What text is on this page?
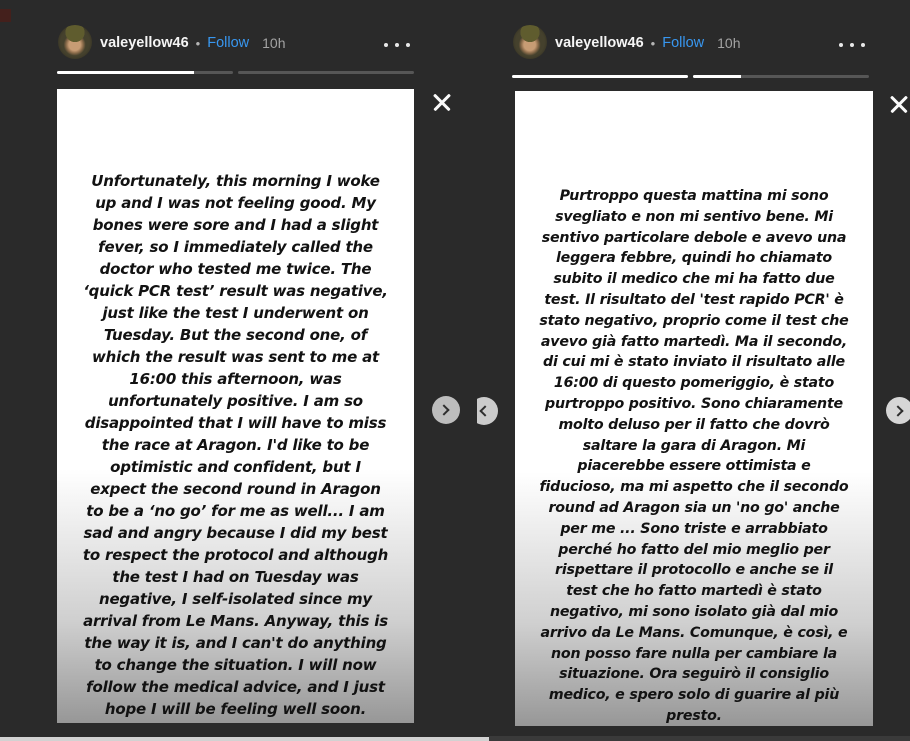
valeyellow46 • Follow 10h
Unfortunately, this morning I woke up and I was not feeling good. My bones were sore and I had a slight fever, so I immediately called the doctor who tested me twice. The ‘quick PCR test’ result was negative, just like the test I underwent on Tuesday. But the second one, of which the result was sent to me at 16:00 this afternoon, was unfortunately positive. I am so disappointed that I will have to miss the race at Aragon. I'd like to be optimistic and confident, but I expect the second round in Aragon to be a ‘no go’ for me as well... I am sad and angry because I did my best to respect the protocol and although the test I had on Tuesday was negative, I self-isolated since my arrival from Le Mans. Anyway, this is the way it is, and I can't do anything to change the situation. I will now follow the medical advice, and I just hope I will be feeling well soon.
valeyellow46 • Follow 10h
Purtroppo questa mattina mi sono svegliato e non mi sentivo bene. Mi sentivo particolare debole e avevo una leggera febbre, quindi ho chiamato subito il medico che mi ha fatto due test. Il risultato del 'test rapido PCR' è stato negativo, proprio come il test che avevo già fatto martedì. Ma il secondo, di cui mi è stato inviato il risultato alle 16:00 di questo pomeriggio, è stato purtroppo positivo. Sono chiaramente molto deluso per il fatto che dovrò saltare la gara di Aragon. Mi piacerebbe essere ottimista e fiducioso, ma mi aspetto che il secondo round ad Aragon sia un 'no go' anche per me ... Sono triste e arrabbiato perché ho fatto del mio meglio per rispettare il protocollo e anche se il test che ho fatto martedì è stato negativo, mi sono isolato già dal mio arrivo da Le Mans. Comunque, è così, e non posso fare nulla per cambiare la situazione. Ora seguirò il consiglio medico, e spero solo di guarire al più presto.
